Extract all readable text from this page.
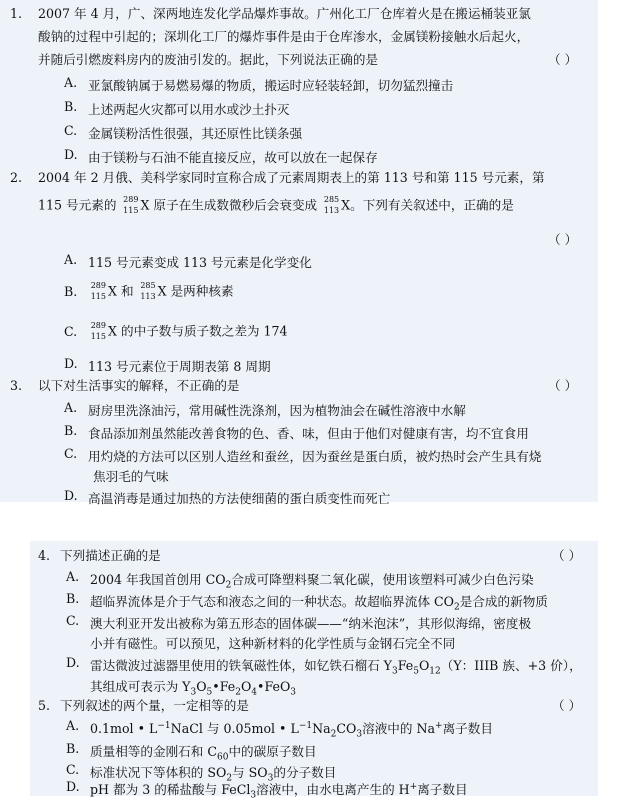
1. 2007 年 4 月，广、深两地连发化学品爆炸事故。广州化工厂仓库着火是在搬运桶装亚氯
酸钠的过程中引起的；深圳化工厂的爆炸事件是由于仓库渗水，金属镁粉接触水后起火，
并随后引燃废料房内的废油引发的。据此，下列说法正确的是	（ ）
A. 亚氯酸钠属于易燃易爆的物质，搬运时应轻装轻卸，切勿猛烈撞击
B. 上述两起火灾都可以用水或沙土扑灭
C. 金属镁粉活性很强，其还原性比镁条强
D. 由于镁粉与石油不能直接反应，故可以放在一起保存
2. 2004 年 2 月俄、美科学家同时宣称合成了元素周期表上的第 113 号和第 115 号元素，第
115 号元素的 289
115 X 原子在生成数微秒后会衰变成 285
113 X。下列有关叙述中，正确的是
（ ）
A. 115 号元素变成 113 号元素是化学变化
B. 289
115 X 和 285
113 X 是两种核素
C. 289
115 X 的中子数与质子数之差为 174
D. 113 号元素位于周期表第 8 周期
3. 以下对生活事实的解释，不正确的是	（ ）
A. 厨房里洗涤油污，常用碱性洗涤剂，因为植物油会在碱性溶液中水解
B. 食品添加剂虽然能改善食物的色、香、味，但由于他们对健康有害，均不宜食用
C. 用灼烧的方法可以区别人造丝和蚕丝，因为蚕丝是蛋白质，被灼热时会产生具有烧
焦羽毛的气味
D. 高温消毒是通过加热的方法使细菌的蛋白质变性而死亡
4. 下列描述正确的是	（ ）
A. 2004 年我国首创用 $CO_2$合成可降塑料聚二氧化碳，使用该塑料可减少白色污染
B. 超临界流体是介于气态和液态之间的一种状态。故超临界流体 $CO_2$是合成的新物质
C. 澳大利亚开发出被称为第五形态的固体碳——“纳米泡沫”，其形似海绵，密度极
小并有磁性。可以预见，这种新材料的化学性质与金钢石完全不同
D. 雷达微波过滤器里使用的铁氧磁性体，如钇铁石榴石 $Y_3Fe_5O_{12}(Y$：IIIB 族、+3 价），
其组成可表示为 $Y_3O_5•Fe_2O_4•FeO_3$
5. 下列叙述的两个量，一定相等的是	（ ）
A. 0.1mol • $L^{-1}NaCl$ 与 0.05mol • $L^{-1}Na_2CO_3$溶液中的 Na+离子数目
B. 质量相等的金刚石和 $C_{60}$中的碳原子数目
C. 标准状况下等体积的 $SO_2$与 $SO_3$的分子数目
D. pH 都为 3 的稀盐酸与 FeCl$_3$溶液中，由水电离产生的 H+离子数目
